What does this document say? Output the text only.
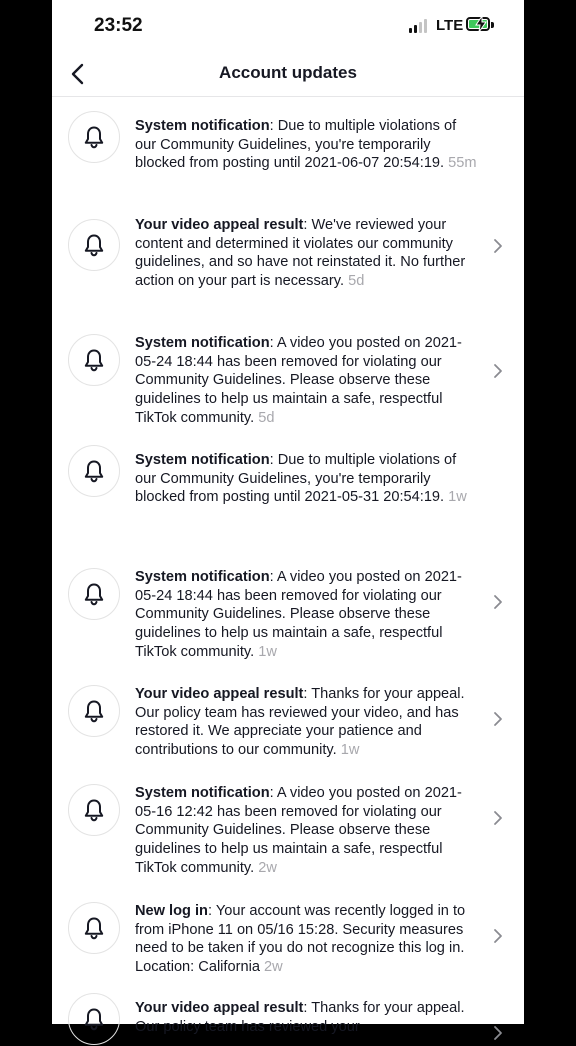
23:52	LTE
Account updates
System notification: Due to multiple violations of our Community Guidelines, you're temporarily blocked from posting until 2021-06-07 20:54:19. 55m
Your video appeal result: We've reviewed your content and determined it violates our community guidelines, and so have not reinstated it. No further action on your part is necessary. 5d
System notification: A video you posted on 2021-05-24 18:44 has been removed for violating our Community Guidelines. Please observe these guidelines to help us maintain a safe, respectful TikTok community. 5d
System notification: Due to multiple violations of our Community Guidelines, you're temporarily blocked from posting until 2021-05-31 20:54:19. 1w
System notification: A video you posted on 2021-05-24 18:44 has been removed for violating our Community Guidelines. Please observe these guidelines to help us maintain a safe, respectful TikTok community. 1w
Your video appeal result: Thanks for your appeal. Our policy team has reviewed your video, and has restored it. We appreciate your patience and contributions to our community. 1w
System notification: A video you posted on 2021-05-16 12:42 has been removed for violating our Community Guidelines. Please observe these guidelines to help us maintain a safe, respectful TikTok community. 2w
New log in: Your account was recently logged in to from iPhone 11 on 05/16 15:28. Security measures need to be taken if you do not recognize this log in. Location: California 2w
Your video appeal result: Thanks for your appeal. Our policy team has reviewed your
